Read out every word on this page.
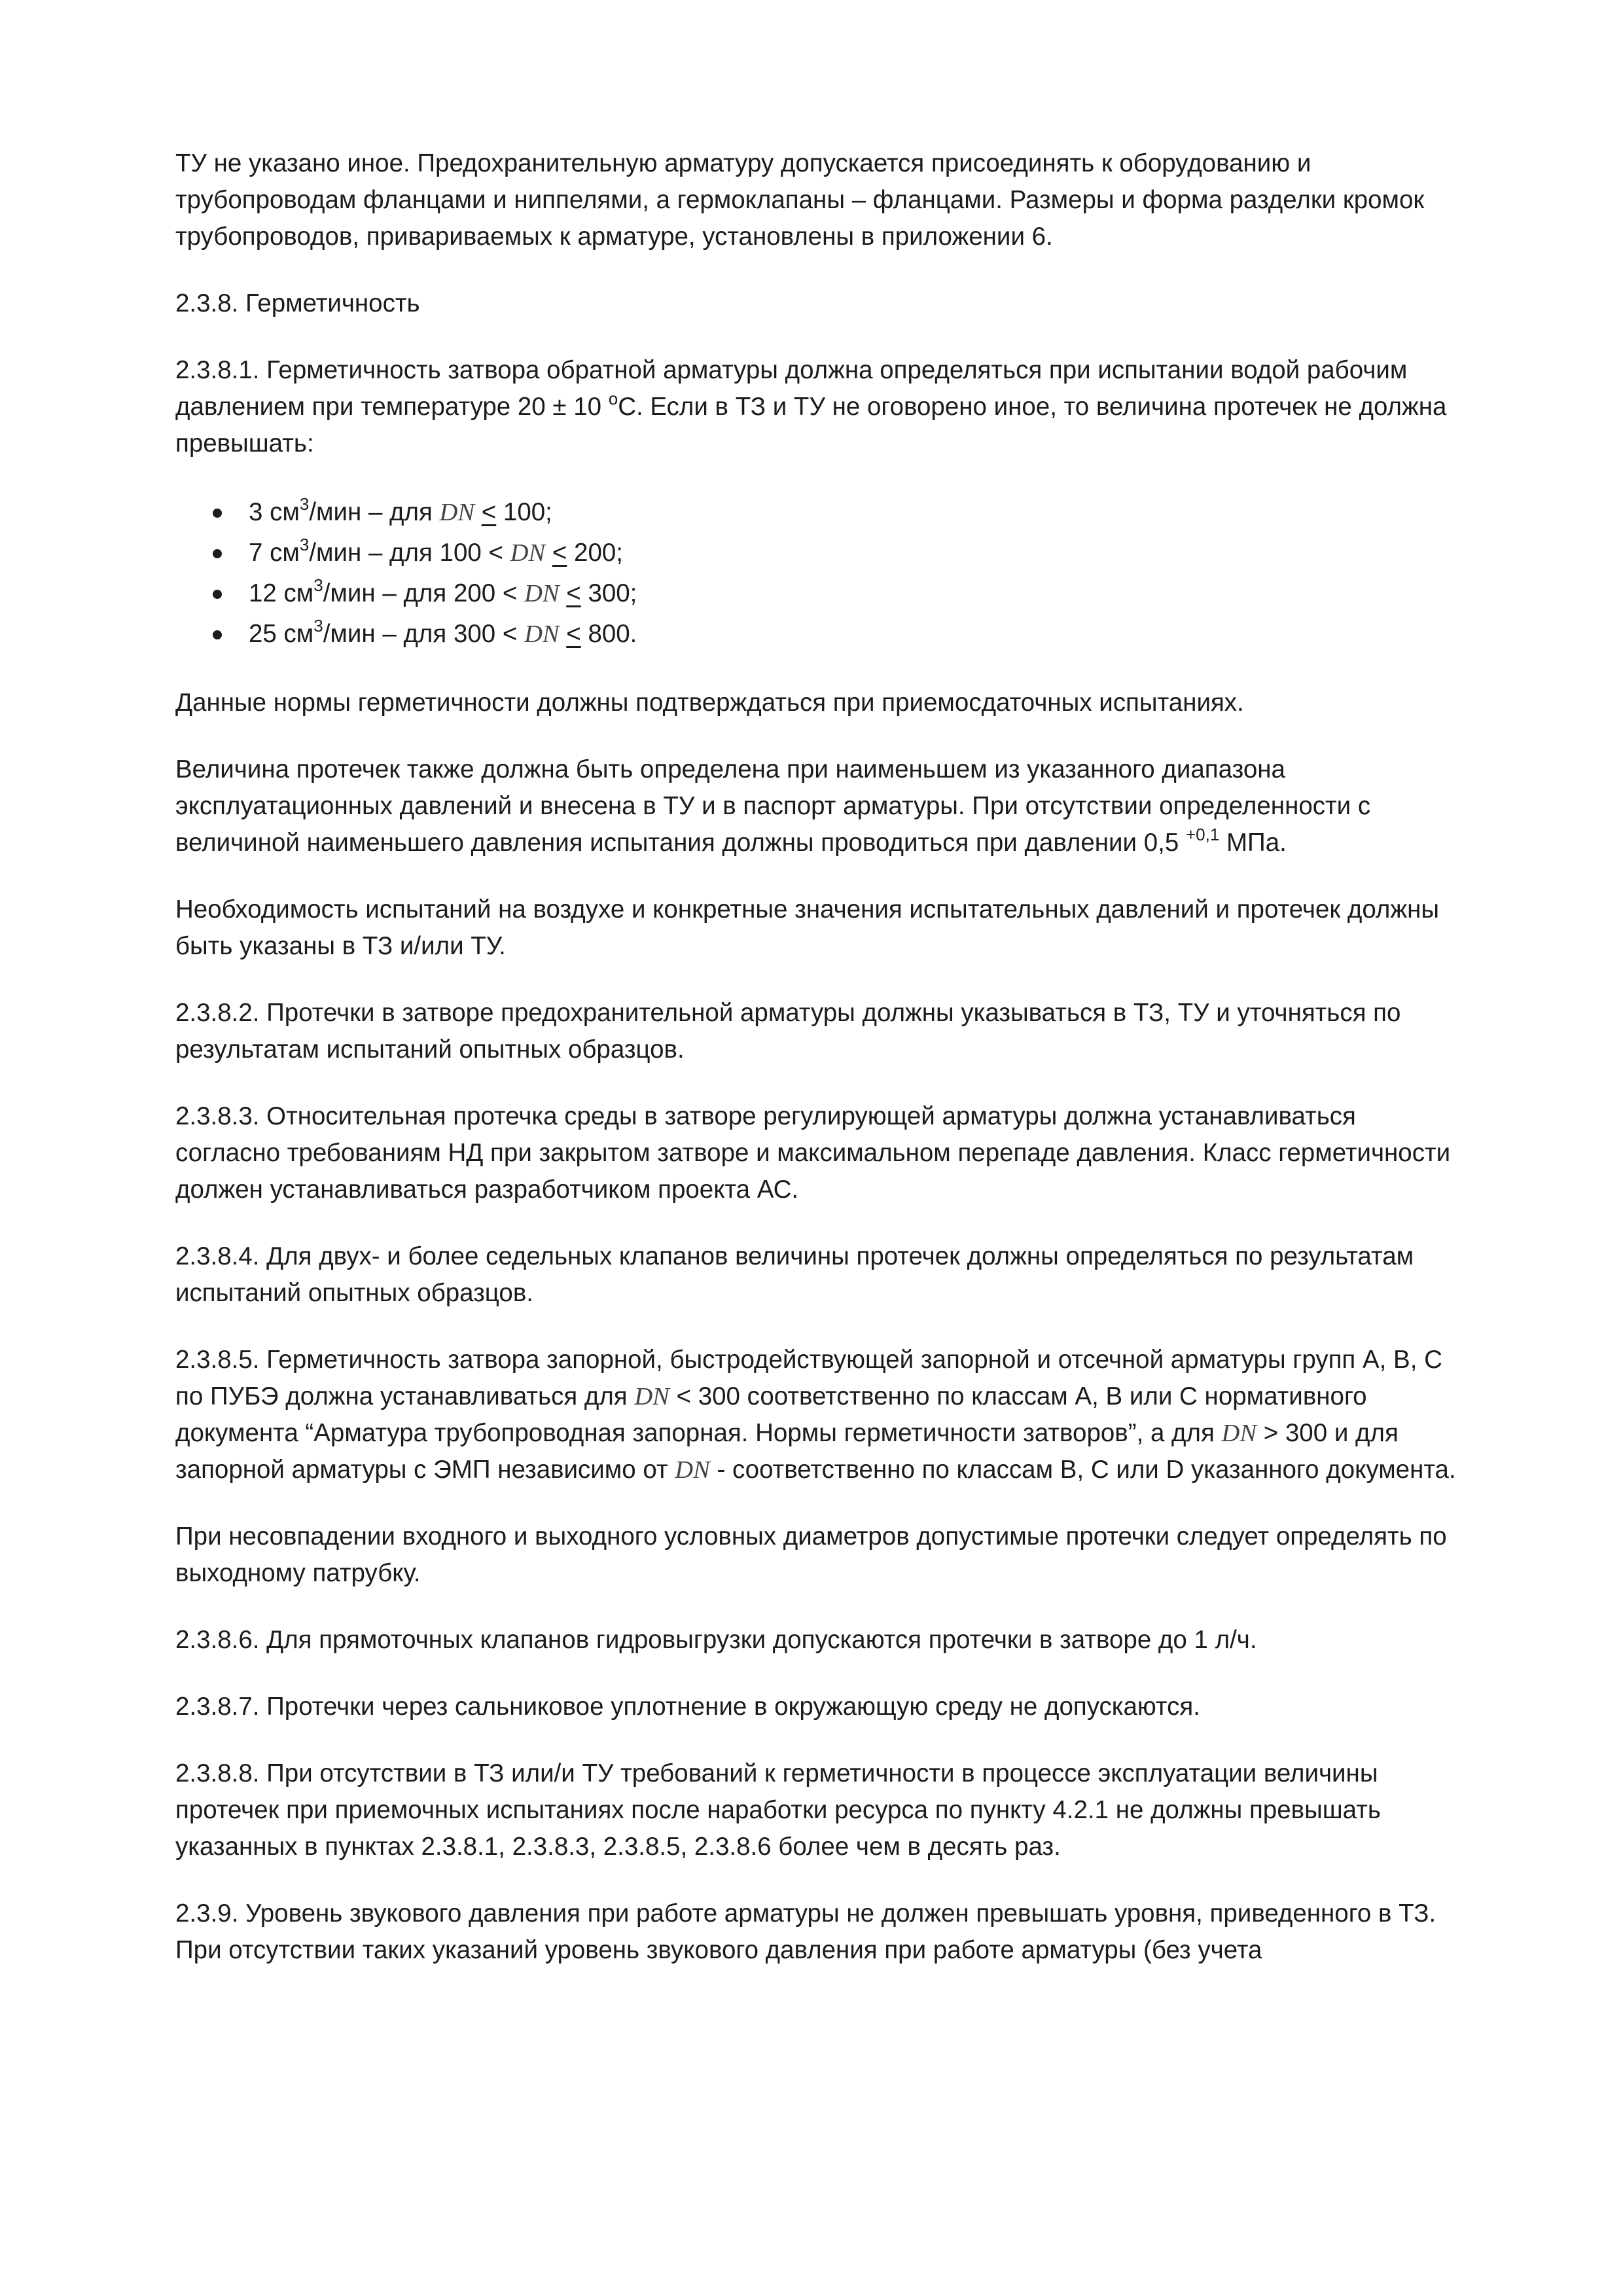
ТУ не указано иное. Предохранительную арматуру допускается присоединять к оборудованию и трубопроводам фланцами и ниппелями, а гермоклапаны – фланцами. Размеры и форма разделки кромок трубопроводов, привариваемых к арматуре, установлены в приложении 6.

2.3.8. Герметичность

2.3.8.1. Герметичность затвора обратной арматуры должна определяться при испытании водой рабочим давлением при температуре 20 ± 10 $^о$С. Если в ТЗ и ТУ не оговорено иное, то величина протечек не должна превышать:

3 $см^3$/мин – для DN ≤ 100;
7 $см^3$/мин – для 100 < DN ≤ 200;
12 $см^3$/мин – для 200 < DN ≤ 300;
25 $см^3$/мин – для 300 < DN ≤ 800.

Данные нормы герметичности должны подтверждаться при приемосдаточных испытаниях.

Величина протечек также должна быть определена при наименьшем из указанного диапазона эксплуатационных давлений и внесена в ТУ и в паспорт арматуры. При отсутствии определенности с величиной наименьшего давления испытания должны проводиться при давлении 0,5 $^{+0,1}$ МПа.

Необходимость испытаний на воздухе и конкретные значения испытательных давлений и протечек должны быть указаны в ТЗ и/или ТУ.

2.3.8.2. Протечки в затворе предохранительной арматуры должны указываться в ТЗ, ТУ и уточняться по результатам испытаний опытных образцов.

2.3.8.3. Относительная протечка среды в затворе регулирующей арматуры должна устанавливаться согласно требованиям НД при закрытом затворе и максимальном перепаде давления. Класс герметичности должен устанавливаться разработчиком проекта АС.

2.3.8.4. Для двух- и более седельных клапанов величины протечек должны определяться по результатам испытаний опытных образцов.

2.3.8.5. Герметичность затвора запорной, быстродействующей запорной и отсечной арматуры групп А, В, С по ПУБЭ должна устанавливаться для DN < 300 соответственно по классам А, В или С нормативного документа “Арматура трубопроводная запорная. Нормы герметичности затворов”, а для DN > 300 и для запорной арматуры с ЭМП независимо от DN - соответственно по классам В, С или D указанного документа.

При несовпадении входного и выходного условных диаметров допустимые протечки следует определять по выходному патрубку.

2.3.8.6. Для прямоточных клапанов гидровыгрузки допускаются протечки в затворе до 1 л/ч.

2.3.8.7. Протечки через сальниковое уплотнение в окружающую среду не допускаются.

2.3.8.8. При отсутствии в ТЗ или/и ТУ требований к герметичности в процессе эксплуатации величины протечек при приемочных испытаниях после наработки ресурса по пункту 4.2.1 не должны превышать указанных в пунктах 2.3.8.1, 2.3.8.3, 2.3.8.5, 2.3.8.6 более чем в десять раз.

2.3.9. Уровень звукового давления при работе арматуры не должен превышать уровня, приведенного в ТЗ. При отсутствии таких указаний уровень звукового давления при работе арматуры (без учета
